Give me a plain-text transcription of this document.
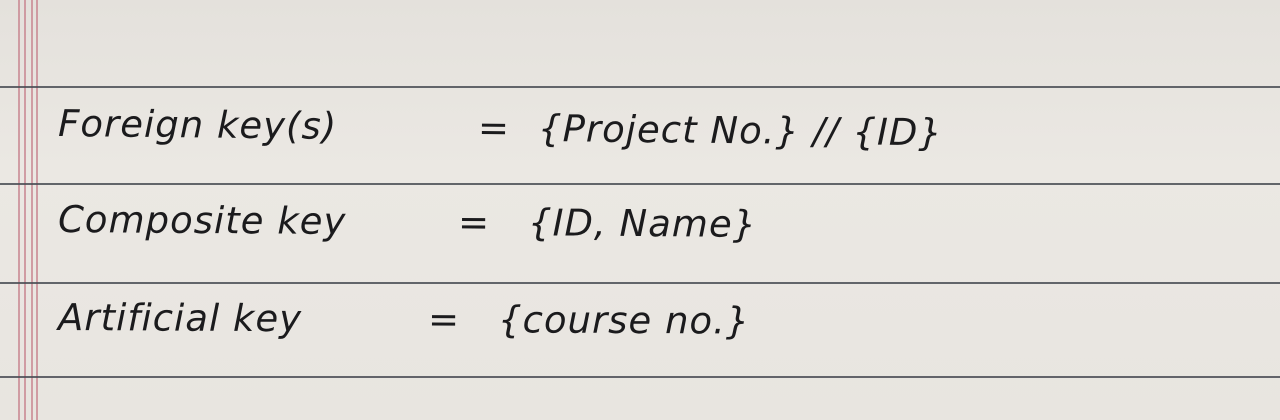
Foreign key(s)	= {Project No.} // {ID}
Composite key	= {ID, Name}
Artificial key	= {course no.}
